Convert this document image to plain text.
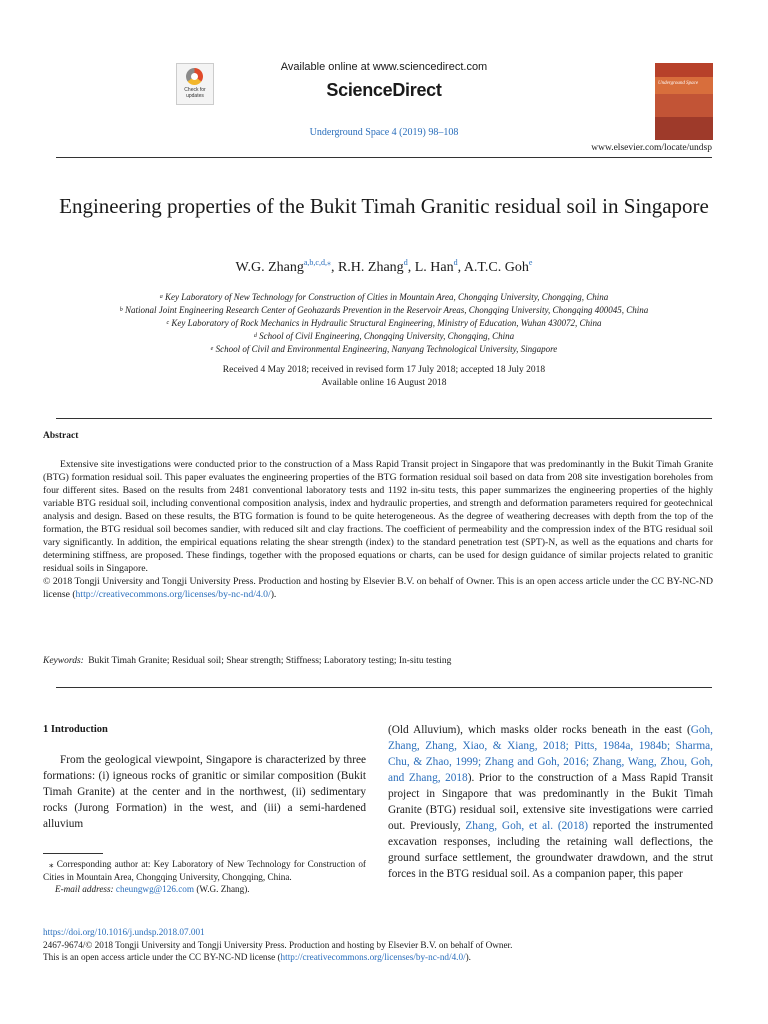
Check for updates
Available online at www.sciencedirect.com
ScienceDirect
Underground Space 4 (2019) 98–108
www.elsevier.com/locate/undsp
Underground Space
Engineering properties of the Bukit Timah Granitic residual soil in Singapore
W.G. Zhang$^{a,b,c,d,⁎}$, R.H. Zhang$^d$, L. Han$^d$, A.T.C. Goh$^e$
$^a$ Key Laboratory of New Technology for Construction of Cities in Mountain Area, Chongqing University, Chongqing, China
$^b$ National Joint Engineering Research Center of Geohazards Prevention in the Reservoir Areas, Chongqing University, Chongqing 400045, China
$^c$ Key Laboratory of Rock Mechanics in Hydraulic Structural Engineering, Ministry of Education, Wuhan 430072, China
$^d$ School of Civil Engineering, Chongqing University, Chongqing, China
$^e$ School of Civil and Environmental Engineering, Nanyang Technological University, Singapore
Received 4 May 2018; received in revised form 17 July 2018; accepted 18 July 2018
Available online 16 August 2018
Abstract

Extensive site investigations were conducted prior to the construction of a Mass Rapid Transit project in Singapore that was predominantly in the Bukit Timah Granite (BTG) formation residual soil. This paper evaluates the engineering properties of the BTG formation residual soil based on data from 208 site investigation boreholes from four different sites. Based on the results from 2481 conventional laboratory tests and 1192 in-situ tests, this paper summarizes the engineering properties of the highly variable BTG residual soil, including conventional composition analysis, index and hydraulic properties, and strength and deformation parameters required for geotechnical analysis and design. Based on these results, the BTG formation is found to be quite heterogeneous. As the degree of weathering decreases with depth from the top of the formation, the BTG residual soil becomes sandier, with reduced silt and clay fractions. The coefficient of permeability and the compression index of the BTG residual soil vary significantly. In addition, the empirical equations relating the shear strength (index) to the standard penetration test (SPT)-N, as well as the equations and charts for determining stiffness, are proposed. These findings, together with the proposed equations or charts, can be used for design guidance of similar projects related to granitic residual soils in Singapore.

© 2018 Tongji University and Tongji University Press. Production and hosting by Elsevier B.V. on behalf of Owner. This is an open access article under the CC BY-NC-ND license (http://creativecommons.org/licenses/by-nc-nd/4.0/).

Keywords: Bukit Timah Granite; Residual soil; Shear strength; Stiffness; Laboratory testing; In-situ testing
1 Introduction
From the geological viewpoint, Singapore is characterized by three formations: (i) igneous rocks of granitic or similar composition (Bukit Timah Granite) at the center and in the northwest, (ii) sedimentary rocks (Jurong Formation) in the west, and (iii) a semi-hardened alluvium
(Old Alluvium), which masks older rocks beneath in the east (Goh, Zhang, Zhang, Xiao, & Xiang, 2018; Pitts, 1984a, 1984b; Sharma, Chu, & Zhao, 1999; Zhang and Goh, 2016; Zhang, Wang, Zhou, Goh, and Zhang, 2018). Prior to the construction of a Mass Rapid Transit project in Singapore that was predominantly in the Bukit Timah Granite (BTG) residual soil, extensive site investigations were carried out. Previously, Zhang, Goh, et al. (2018) reported the instrumented excavation responses, including the retaining wall deflections, the ground surface settlement, the groundwater drawdown, and the strut forces in the BTG residual soil. As a companion paper, this paper
⁎ Corresponding author at: Key Laboratory of New Technology for Construction of Cities in Mountain Area, Chongqing University, Chongqing, China.
E-mail address: cheungwg@126.com (W.G. Zhang).
https://doi.org/10.1016/j.undsp.2018.07.001
2467-9674/© 2018 Tongji University and Tongji University Press. Production and hosting by Elsevier B.V. on behalf of Owner.
This is an open access article under the CC BY-NC-ND license (http://creativecommons.org/licenses/by-nc-nd/4.0/).
